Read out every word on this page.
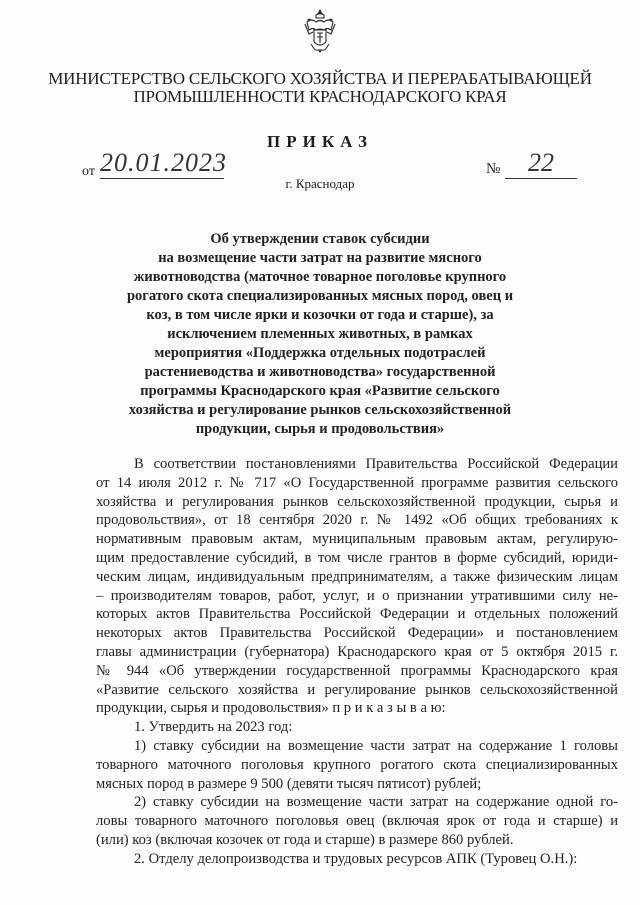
МИНИСТЕРСТВО СЕЛЬСКОГО ХОЗЯЙСТВА И ПЕРЕРАБАТЫВАЮЩЕЙ
ПРОМЫШЛЕННОСТИ КРАСНОДАРСКОГО КРАЯ
ПРИКАЗ
от 20.01.2023	№	22
г. Краснодар
Об утверждении ставок субсидии
на возмещение части затрат на развитие мясного
животноводства (маточное товарное поголовье крупного
рогатого скота специализированных мясных пород, овец и
коз, в том числе ярки и козочки от года и старше), за
исключением племенных животных, в рамках
мероприятия «Поддержка отдельных подотраслей
растениеводства и животноводства» государственной
программы Краснодарского края «Развитие сельского
хозяйства и регулирование рынков сельскохозяйственной
продукции, сырья и продовольствия»
В соответствии постановлениями Правительства Российской Федерации
от 14 июля 2012 г. № 717 «О Государственной программе развития сельского
хозяйства и регулирования рынков сельскохозяйственной продукции, сырья и
продовольствия», от 18 сентября 2020 г. № 1492 «Об общих требованиях к
нормативным правовым актам, муниципальным правовым актам, регулирую-
щим предоставление субсидий, в том числе грантов в форме субсидий, юриди-
ческим лицам, индивидуальным предпринимателям, а также физическим лицам
– производителям товаров, работ, услуг, и о признании утратившими силу не-
которых актов Правительства Российской Федерации и отдельных положений
некоторых актов Правительства Российской Федерации» и постановлением
главы администрации (губернатора) Краснодарского края от 5 октября 2015 г.
№ 944 «Об утверждении государственной программы Краснодарского края
«Развитие сельского хозяйства и регулирование рынков сельскохозяйственной
продукции, сырья и продовольствия» п р и к а з ы в а ю:
1. Утвердить на 2023 год:
1) ставку субсидии на возмещение части затрат на содержание 1 головы
товарного маточного поголовья крупного рогатого скота специализированных
мясных пород в размере 9 500 (девяти тысяч пятисот) рублей;
2) ставку субсидии на возмещение части затрат на содержание одной го-
ловы товарного маточного поголовья овец (включая ярок от года и старше) и
(или) коз (включая козочек от года и старше) в размере 860 рублей.
2. Отделу делопроизводства и трудовых ресурсов АПК (Туровец О.Н.):
